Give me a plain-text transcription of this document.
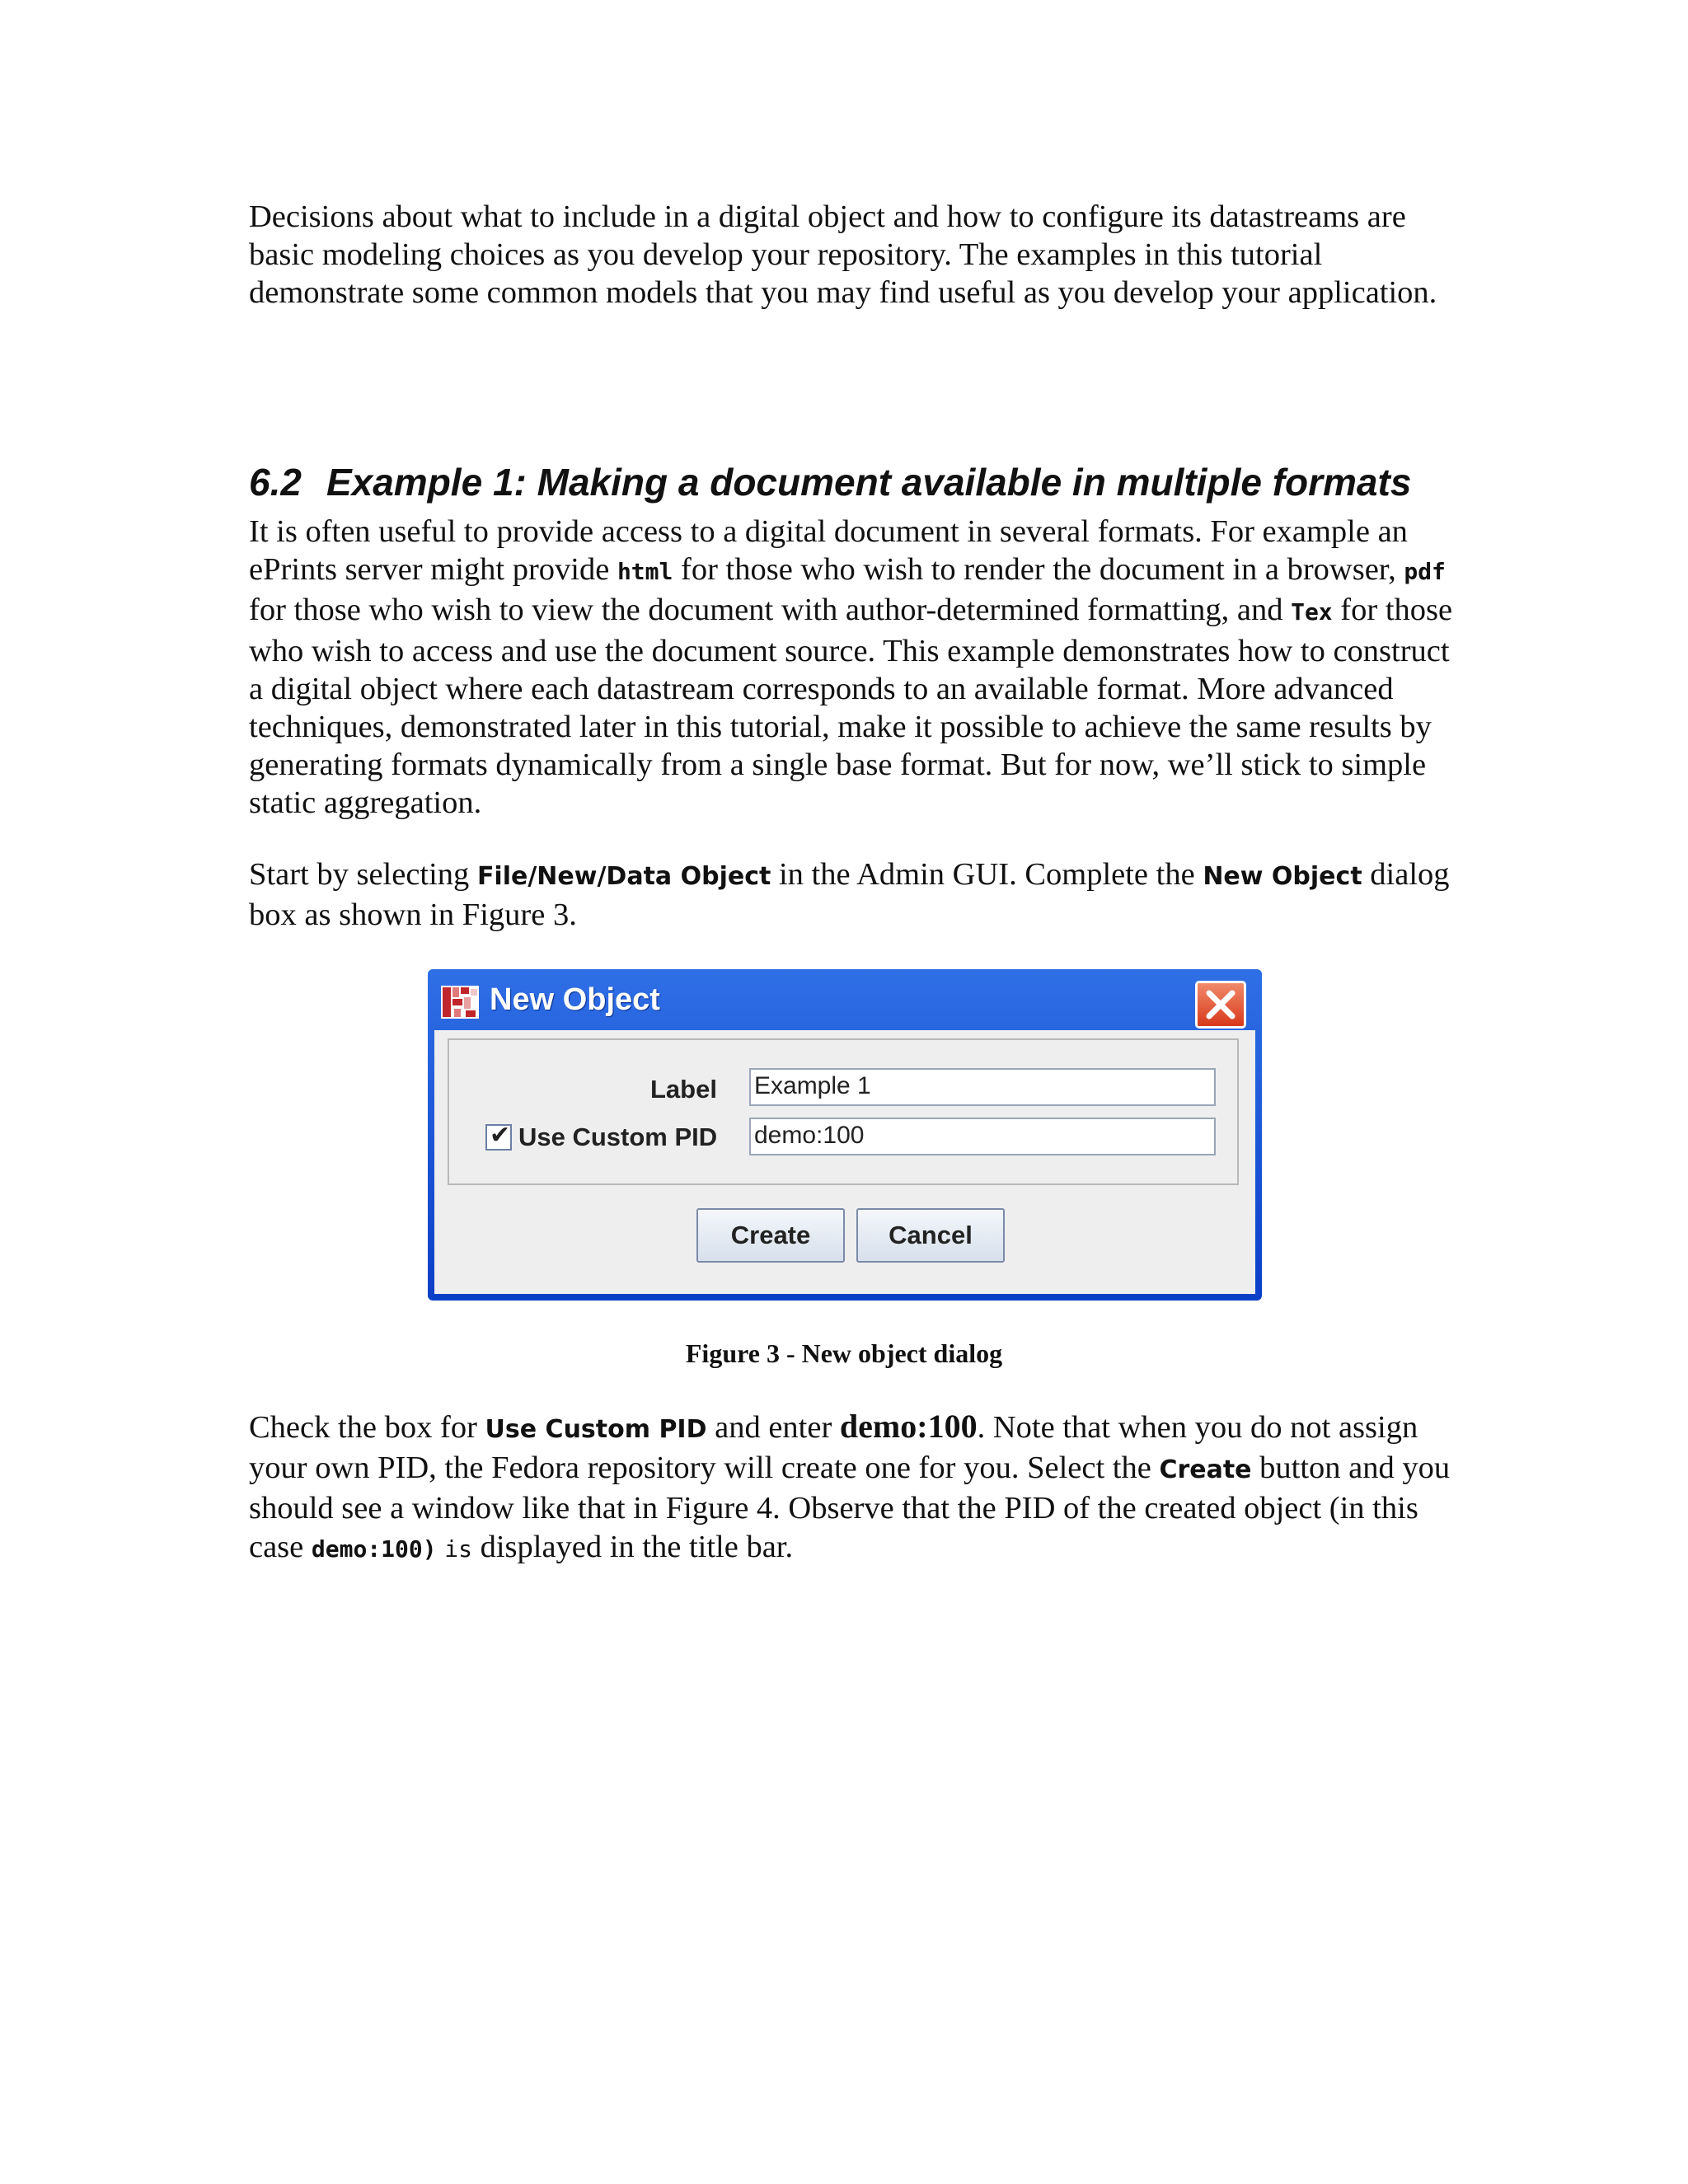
Decisions about what to include in a digital object and how to configure its datastreams are basic modeling choices as you develop your repository. The examples in this tutorial demonstrate some common models that you may find useful as you develop your application.

6.2 Example 1: Making a document available in multiple formats

It is often useful to provide access to a digital document in several formats. For example an ePrints server might provide html for those who wish to render the document in a browser, pdf for those who wish to view the document with author-determined formatting, and Tex for those who wish to access and use the document source. This example demonstrates how to construct a digital object where each datastream corresponds to an available format. More advanced techniques, demonstrated later in this tutorial, make it possible to achieve the same results by generating formats dynamically from a single base format. But for now, we’ll stick to simple static aggregation.

Start by selecting File/New/Data Object in the Admin GUI. Complete the New Object dialog box as shown in Figure 3.

New Object
Label Example 1
✔ Use Custom PID demo:100
Create	Cancel

Figure 3 - New object dialog

Check the box for Use Custom PID and enter demo:100. Note that when you do not assign your own PID, the Fedora repository will create one for you. Select the Create button and you should see a window like that in Figure 4. Observe that the PID of the created object (in this case demo:100) is displayed in the title bar.
